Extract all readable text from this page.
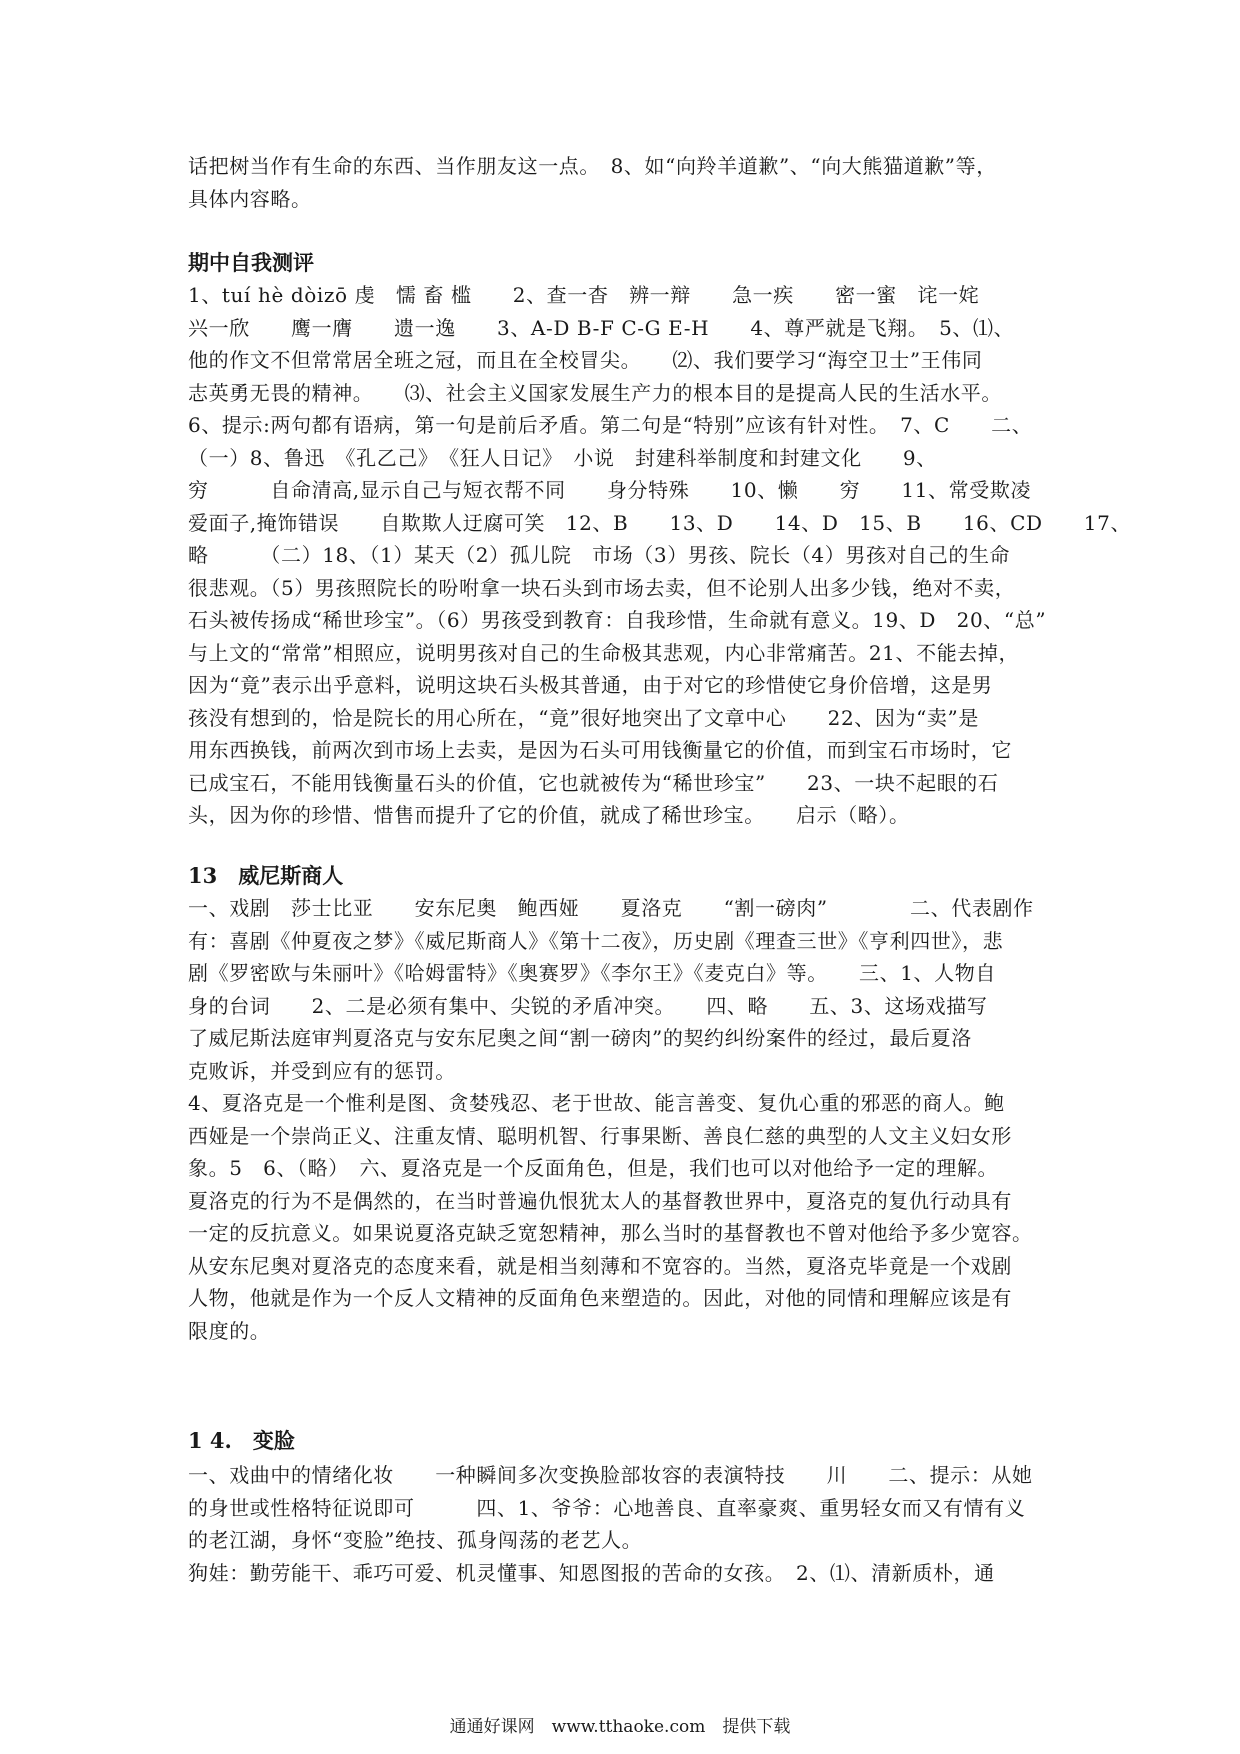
话把树当作有生命的东西、当作朋友这一点。　8、如“向羚羊道歉”、“向大熊猫道歉”等，
具体内容略。
期中自我测评
1、tuí hè dòizō 虔　懦 畜 槛　　2、查一杳　辨一辩　　急一疾　　密一蜜　诧一姹
兴一欣　　鹰一膺　　遗一逸　　3、A-D B-F C-G E-H　　4、尊严就是飞翔。　5、⑴、
他的作文不但常常居全班之冠，而且在全校冒尖。　　⑵、我们要学习“海空卫士”王伟同
志英勇无畏的精神。　　⑶、社会主义国家发展生产力的根本目的是提高人民的生活水平。
6、提示:两句都有语病，第一句是前后矛盾。第二句是“特别”应该有针对性。　7、C　　二、
（一）8、鲁迅　《孔乙己》　《狂人日记》　小说　封建科举制度和封建文化　　9、
穷　　　自命清高,显示自己与短衣帮不同　　身分特殊　　10、懒　　穷　　11、常受欺凌
爱面子,掩饰错误　　自欺欺人迂腐可笑　12、B　　13、D　　14、D　15、B　　16、CD　　17、
略　　　（二）18、（1）某天（2）孤儿院　市场（3）男孩、院长（4）男孩对自己的生命
很悲观。（5）男孩照院长的吩咐拿一块石头到市场去卖，但不论别人出多少钱，绝对不卖，
石头被传扬成“稀世珍宝”。（6）男孩受到教育：自我珍惜，生命就有意义。19、D　20、“总”
与上文的“常常”相照应，说明男孩对自己的生命极其悲观，内心非常痛苦。21、不能去掉，
因为“竟”表示出乎意料，说明这块石头极其普通，由于对它的珍惜使它身价倍增，这是男
孩没有想到的，恰是院长的用心所在，“竟”很好地突出了文章中心　　22、因为“卖”是
用东西换钱，前两次到市场上去卖，是因为石头可用钱衡量它的价值，而到宝石市场时，它
已成宝石，不能用钱衡量石头的价值，它也就被传为“稀世珍宝”　　23、一块不起眼的石
头，因为你的珍惜、惜售而提升了它的价值，就成了稀世珍宝。　　启示（略）。
13　威尼斯商人
一、戏剧　莎士比亚　　安东尼奥　鲍西娅　　夏洛克　　“割一磅肉”　　　　二、代表剧作
有：喜剧《仲夏夜之梦》《威尼斯商人》《第十二夜》，历史剧《理查三世》《亨利四世》，悲
剧《罗密欧与朱丽叶》《哈姆雷特》《奥赛罗》《李尔王》《麦克白》等。　　三、1、人物自
身的台词　　2、二是必须有集中、尖锐的矛盾冲突。　　四、略　　五、3、这场戏描写
了威尼斯法庭审判夏洛克与安东尼奥之间“割一磅肉”的契约纠纷案件的经过，最后夏洛
克败诉，并受到应有的惩罚。
4、夏洛克是一个惟利是图、贪婪残忍、老于世故、能言善变、复仇心重的邪恶的商人。鲍
西娅是一个崇尚正义、注重友情、聪明机智、行事果断、善良仁慈的典型的人文主义妇女形
象。5　6、（略）　六、夏洛克是一个反面角色，但是，我们也可以对他给予一定的理解。
夏洛克的行为不是偶然的，在当时普遍仇恨犹太人的基督教世界中，夏洛克的复仇行动具有
一定的反抗意义。如果说夏洛克缺乏宽恕精神，那么当时的基督教也不曾对他给予多少宽容。
从安东尼奥对夏洛克的态度来看，就是相当刻薄和不宽容的。当然，夏洛克毕竟是一个戏剧
人物，他就是作为一个反人文精神的反面角色来塑造的。因此，对他的同情和理解应该是有
限度的。
1 4.　变脸
一、戏曲中的情绪化妆　　一种瞬间多次变换脸部妆容的表演特技　　川　　二、提示：从她
的身世或性格特征说即可　　　四、1、爷爷：心地善良、直率豪爽、重男轻女而又有情有义
的老江湖，身怀“变脸”绝技、孤身闯荡的老艺人。
狗娃：勤劳能干、乖巧可爱、机灵懂事、知恩图报的苦命的女孩。　2、⑴、清新质朴，通
通通好课网　www.tthaoke.com　提供下载
